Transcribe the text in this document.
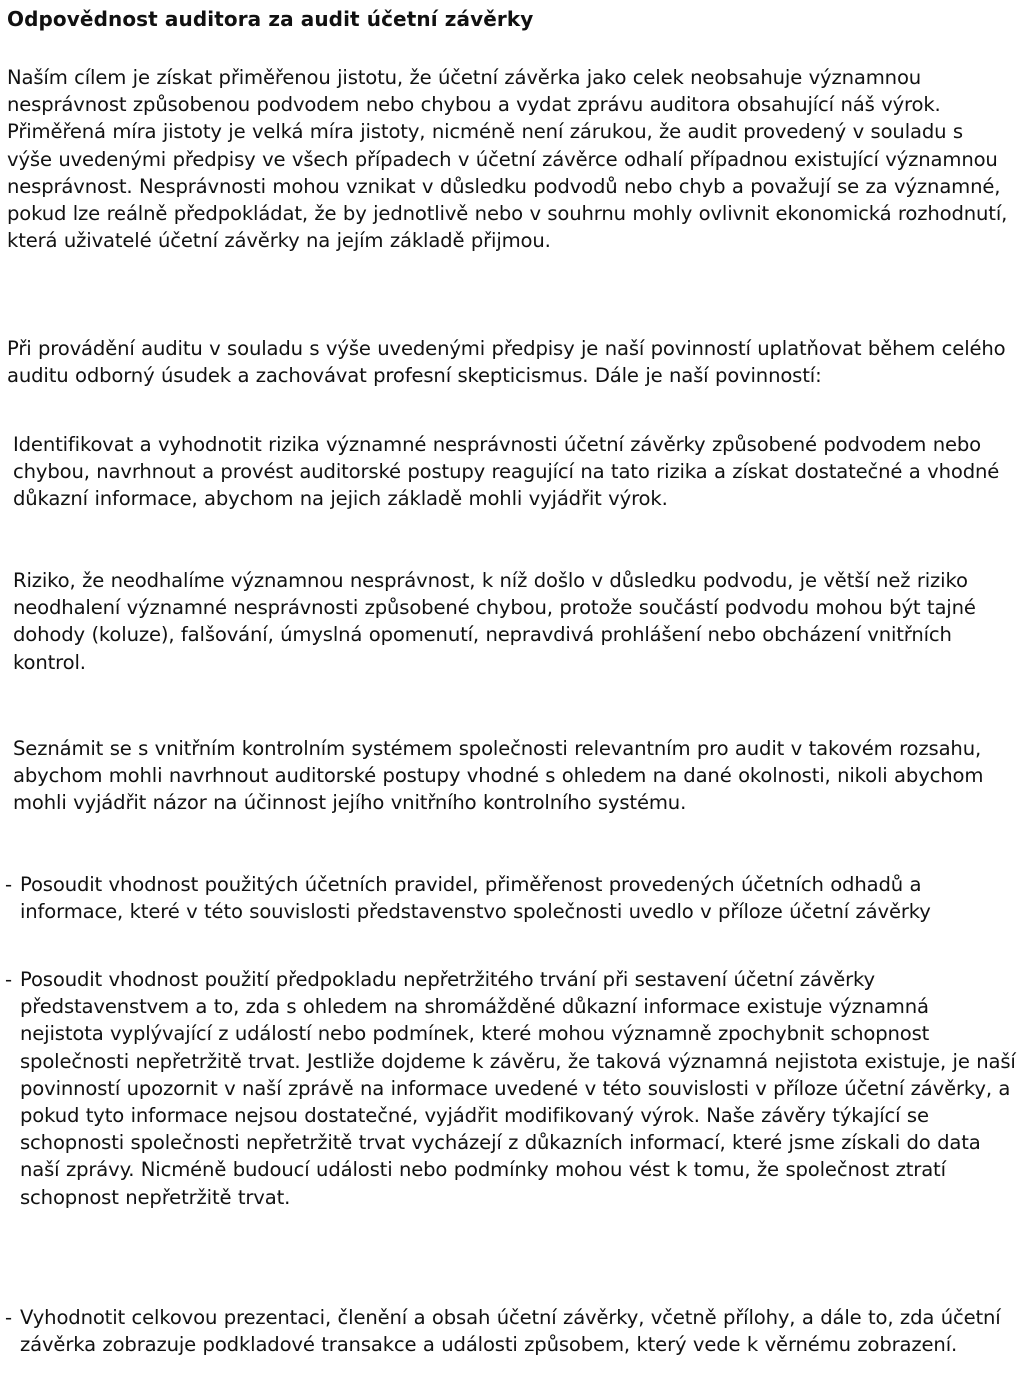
Odpovědnost auditora za audit účetní závěrky

Naším cílem je získat přiměřenou jistotu, že účetní závěrka jako celek neobsahuje významnou nesprávnost způsobenou podvodem nebo chybou a vydat zprávu auditora obsahující náš výrok. Přiměřená míra jistoty je velká míra jistoty, nicméně není zárukou, že audit provedený v souladu s výše uvedenými předpisy ve všech případech v účetní závěrce odhalí případnou existující významnou nesprávnost. Nesprávnosti mohou vznikat v důsledku podvodů nebo chyb a považují se za významné, pokud lze reálně předpokládat, že by jednotlivě nebo v souhrnu mohly ovlivnit ekonomická rozhodnutí, která uživatelé účetní závěrky na jejím základě přijmou.

Při provádění auditu v souladu s výše uvedenými předpisy je naší povinností uplatňovat během celého auditu odborný úsudek a zachovávat profesní skepticismus. Dále je naší povinností:

Identifikovat a vyhodnotit rizika významné nesprávnosti účetní závěrky způsobené podvodem nebo chybou, navrhnout a provést auditorské postupy reagující na tato rizika a získat dostatečné a vhodné důkazní informace, abychom na jejich základě mohli vyjádřit výrok.
Riziko, že neodhalíme významnou nesprávnost, k níž došlo v důsledku podvodu, je větší než riziko neodhalení významné nesprávnosti způsobené chybou, protože součástí podvodu mohou být tajné dohody (koluze), falšování, úmyslná opomenutí, nepravdivá prohlášení nebo obcházení vnitřních kontrol.
Seznámit se s vnitřním kontrolním systémem společnosti relevantním pro audit v takovém rozsahu, abychom mohli navrhnout auditorské postupy vhodné s ohledem na dané okolnosti, nikoli abychom mohli vyjádřit názor na účinnost jejího vnitřního kontrolního systému.
- Posoudit vhodnost použitých účetních pravidel, přiměřenost provedených účetních odhadů a informace, které v této souvislosti představenstvo společnosti uvedlo v příloze účetní závěrky
- Posoudit vhodnost použití předpokladu nepřetržitého trvání při sestavení účetní závěrky představenstvem a to, zda s ohledem na shromážděné důkazní informace existuje významná nejistota vyplývající z událostí nebo podmínek, které mohou významně zpochybnit schopnost společnosti nepřetržitě trvat. Jestliže dojdeme k závěru, že taková významná nejistota existuje, je naší povinností upozornit v naší zprávě na informace uvedené v této souvislosti v příloze účetní závěrky, a pokud tyto informace nejsou dostatečné, vyjádřit modifikovaný výrok. Naše závěry týkající se schopnosti společnosti nepřetržitě trvat vycházejí z důkazních informací, které jsme získali do data naší zprávy. Nicméně budoucí události nebo podmínky mohou vést k tomu, že společnost ztratí schopnost nepřetržitě trvat.
- Vyhodnotit celkovou prezentaci, členění a obsah účetní závěrky, včetně přílohy, a dále to, zda účetní závěrka zobrazuje podkladové transakce a události způsobem, který vede k věrnému zobrazení.
